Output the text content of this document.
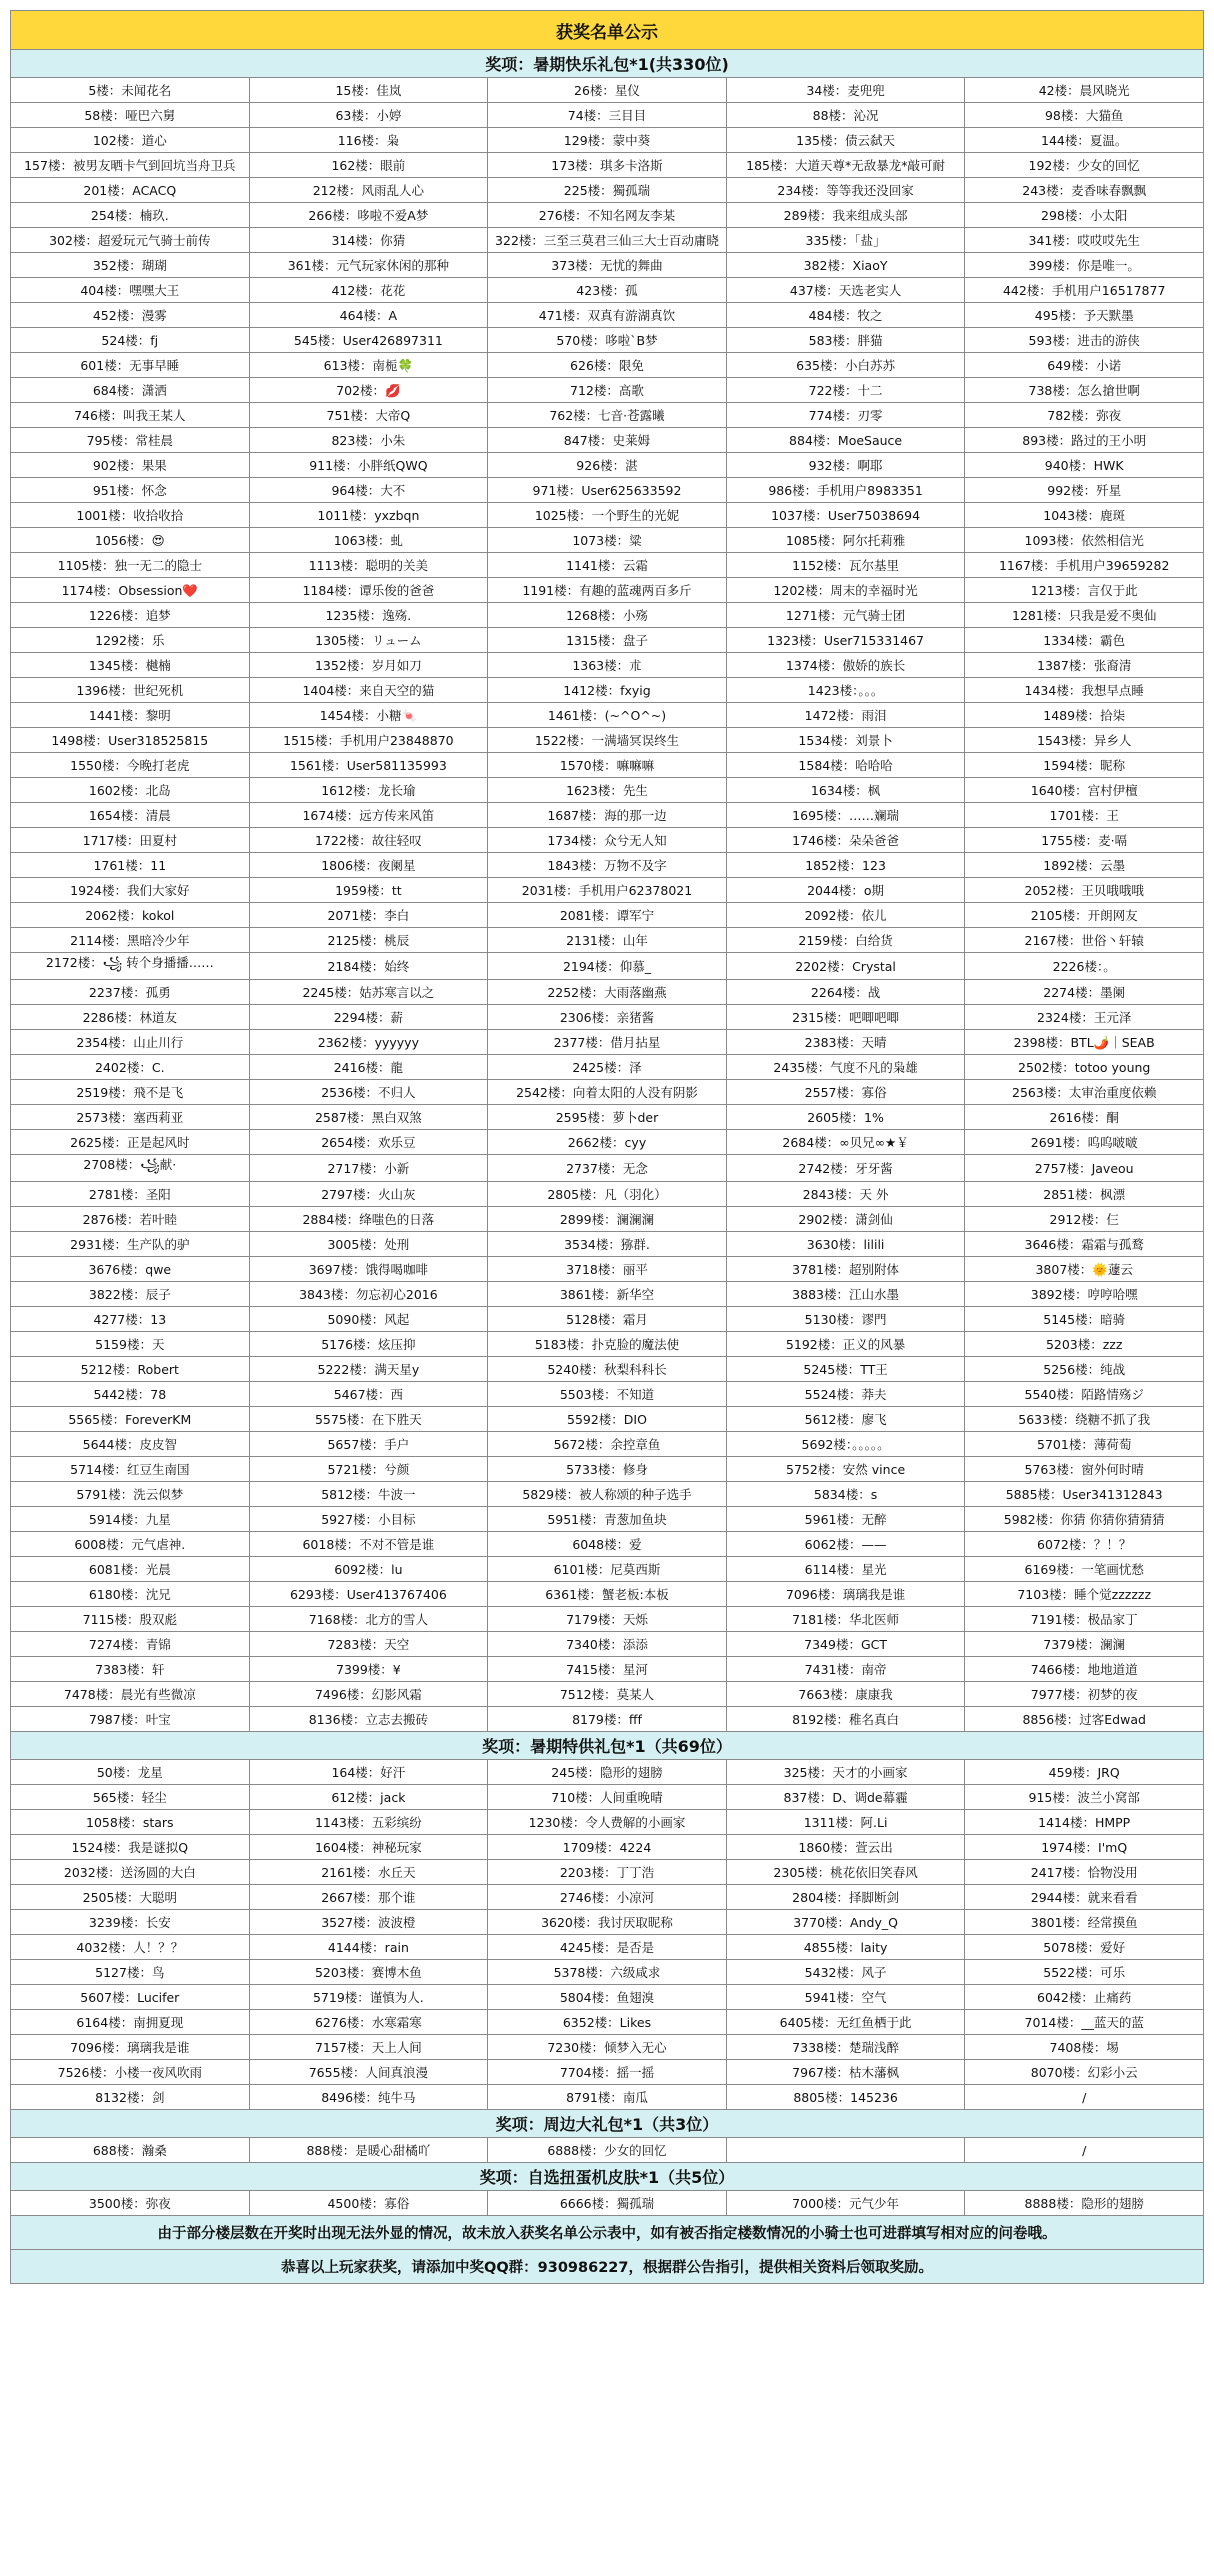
获奖名单公示				
奖项：暑期快乐礼包*1(共330位)				
5楼：未闻花名	15楼：佳岚	26楼：星仪	34楼：麦兜兜	42楼：晨风晓光
58楼：哑巴六舅	63楼：小婷	74楼：三目目	88楼：沁况	98楼：大猫鱼
102楼：道心	116楼：枭	129楼：蒙中葵	135楼：债云弑天	144楼：夏温。
157楼：被男友晒卡气到回坑当舟卫兵	162楼：眼前	173楼：琪多卡洛斯	185楼：大道天尊*无敌暴龙*敲可耐	192楼：少女的回忆
201楼：ACACQ	212楼：风雨乱人心	225楼：獨孤瑞	234楼：等等我还没回家	243楼：麦香味春飘飘
254楼：楠玖.	266楼：哆啦不爱A梦	276楼：不知名网友李某	289楼：我来组成头部	298楼：小太阳
302楼：超爱玩元气骑士前传	314楼：你猜	322楼：三至三莫君三仙三大士百动庸晓	335楼：「盐」	341楼：哎哎哎先生
352楼：瑚瑚	361楼：元气玩家休闲的那种	373楼：无忧的舞曲	382楼：XiaoY	399楼：你是唯一。
404楼：嘿嘿大王	412楼：花花	423楼：孤	437楼：天选老实人	442楼：手机用户16517877
452楼：漫雾	464楼：A	471楼：双真有游湖真饮	484楼：牧之	495楼：予天默墨
524楼：fj	545楼：User426897311	570楼：哆啦`B梦	583楼：胖猫	593楼：进击的游侠
601楼：无事早睡	613楼：南栀🍀	626楼：限免	635楼：小白苏苏	649楼：小诺
684楼：潇洒	702楼：💋	712楼：高歌	722楼：十二	738楼：怎么搶世啊
746楼：叫我王某人	751楼：大帝Q	762楼：七音·苍露曦	774楼：刃零	782楼：弥夜
795楼：常桂晨	823楼：小朱	847楼：史莱姆	884楼：MoeSauce	893楼：路过的王小明
902楼：果果	911楼：小胖纸QWQ	926楼：湛	932楼：啊耶	940楼：HWK
951楼：怀念	964楼：大不	971楼：User625633592	986楼：手机用户8983351	992楼：歼星
1001楼：收拾收拾	1011楼：yxzbqn	1025楼：一个野生的光妮	1037楼：User75038694	1043楼：鹿斑
1056楼：😍	1063楼：虬	1073楼：粱	1085楼：阿尔托莉雅	1093楼：依然相信光
1105楼：独一无二的隐士	1113楼：聪明的关美	1141楼：云霜	1152楼：瓦尔基里	1167楼：手机用户39659282
1174楼：Obsession❤️	1184楼：谭乐俊的爸爸	1191楼：有趣的蓝魂两百多斤	1202楼：周末的幸福时光	1213楼：言仅于此
1226楼：追梦	1235楼：逸殇.	1268楼：小殇	1271楼：元气骑士团	1281楼：只我是爱不奥仙
1292楼：乐	1305楼：リューム	1315楼：盘子	1323楼：User715331467	1334楼：霸色
1345楼：樾楠	1352楼：岁月如刀	1363楼：朮	1374楼：傲娇的族长	1387楼：张裔清
1396楼：世纪死机	1404楼：来自天空的猫	1412楼：fxyig	1423楼：。。。	1434楼：我想早点睡
1441楼：黎明	1454楼：小糖🍬	1461楼：(~^O^~)	1472楼：雨泪	1489楼：拾柒
1498楼：User318525815	1515楼：手机用户23848870	1522楼：一满墙冥误终生	1534楼：刘景卜	1543楼：异乡人
1550楼：今晚打老虎	1561楼：User581135993	1570楼：嘛嘛嘛	1584楼：哈哈哈	1594楼：昵称
1602楼：北岛	1612楼：龙长瑜	1623楼：先生	1634楼：枫	1640楼：宫村伊檀
1654楼：清晨	1674楼：远方传来风笛	1687楼：海的那一边	1695楼：……斓瑞	1701楼：王
1717楼：田夏村	1722楼：故往轻叹	1734楼：众兮无人知	1746楼：朵朵爸爸	1755楼：麦·嗝
1761楼：11	1806楼：夜阑星	1843楼：万物不及字	1852楼：123	1892楼：云墨
1924楼：我们大家好	1959楼：tt	2031楼：手机用户62378021	2044楼：o期	2052楼：王贝哦哦哦
2062楼：kokol	2071楼：李白	2081楼：谭军宁	2092楼：依儿	2105楼：开朗网友
2114楼：黑暗冷少年	2125楼：桃辰	2131楼：山年	2159楼：白给货	2167楼：世俗丶轩辕
2172楼：꧁ 转个身播播……	2184楼：始终	2194楼：仰慕_	2202楼：Crystal	2226楼：。
2237楼：孤勇	2245楼：姑苏寒言以之	2252楼：大雨落幽燕	2264楼：战	2274楼：墨阑
2286楼：林道友	2294楼：薪	2306楼：亲猪酱	2315楼：吧唧吧唧	2324楼：王元泽
2354楼：山止川行	2362楼：yyyyyy	2377楼：借月拈星	2383楼：天晴	2398楼：BTL🌶️｜SEAB
2402楼：C.	2416楼：龍	2425楼：泽	2435楼：气度不凡的枭雄	2502楼：totoo young
2519楼：飛不是飞	2536楼：不归人	2542楼：向着太阳的人没有阴影	2557楼：寡俗	2563楼：太审治重度依赖
2573楼：塞西莉亚	2587楼：黑白双煞	2595楼：萝卜der	2605楼：1%	2616楼：酮
2625楼：正是起风时	2654楼：欢乐豆	2662楼：cyy	2684楼：∞贝兄∞★￥	2691楼：呜呜啵啵
2708楼：꧁献·	2717楼：小新	2737楼：无念	2742楼：牙牙酱	2757楼：Javeou
2781楼：圣阳	2797楼：火山灰	2805楼：凡（羽化）	2843楼：天 外	2851楼：枫漂
2876楼：若叶睦	2884楼：绛嗤色的日落	2899楼：澜澜澜	2902楼：潇剑仙	2912楼：仨
2931楼：生产队的驴	3005楼：处刑	3534楼：猕群.	3630楼：lilili	3646楼：霜霜与孤鹜
3676楼：qwe	3697楼：饿得喝咖啡	3718楼：丽平	3781楼：超别附体	3807楼：🌞蘧云
3822楼：辰子	3843楼：勿忘初心2016	3861楼：新华空	3883楼：江山水墨	3892楼：哼哼哈嘿
4277楼：13	5090楼：风起	5128楼：霜月	5130楼：谬門	5145楼：暗骑
5159楼：天	5176楼：炫压抑	5183楼：扑克脸的魔法使	5192楼：正义的风暴	5203楼：zzz
5212楼：Robert	5222楼：满天星y	5240楼：秋梨科科长	5245楼：TT王	5256楼：纯战
5442楼：78	5467楼：西	5503楼：不知道	5524楼：莽夫	5540楼：陌路情殇ジ
5565楼：ForeverKM	5575楼：在下胜天	5592楼：DIO	5612楼：廖飞	5633楼：绕糖不抓了我
5644楼：皮皮智	5657楼：手户	5672楼：余控章鱼	5692楼：。。。。。	5701楼：薄荷萄
5714楼：红豆生南国	5721楼：兮颜	5733楼：修身	5752楼：安然 vince	5763楼：窗外何时晴
5791楼：洗云似梦	5812楼：牛波一	5829楼：被人称颂的种子选手	5834楼：s	5885楼：User341312843
5914楼：九星	5927楼：小目标	5951楼：青葱加鱼块	5961楼：无醉	5982楼：你猜 你猜你猜猜猜
6008楼：元气虐神.	6018楼：不对不管是谁	6048楼：爱	6062楼：——	6072楼：？！？
6081楼：光晨	6092楼：lu	6101楼：尼莫西斯	6114楼：星光	6169楼：一笔画忧愁
6180楼：沈兄	6293楼：User413767406	6361楼：蟹老板:本板	7096楼：璃璃我是谁	7103楼：睡个觉zzzzzz
7115楼：殷双彪	7168楼：北方的雪人	7179楼：天烁	7181楼：华北医师	7191楼：极品家丁
7274楼：青锦	7283楼：天空	7340楼：添添	7349楼：GCT	7379楼：澜澜
7383楼：轩	7399楼：¥	7415楼：星河	7431楼：南帝	7466楼：地地道道
7478楼：晨光有些微凉	7496楼：幻影风霜	7512楼：莫某人	7663楼：康康我	7977楼：初梦的夜
7987楼：叶宝	8136楼：立志去搬砖	8179楼：fff	8192楼：稚名真白	8856楼：过客Edwad
奖项：暑期特供礼包*1（共69位）				
50楼：龙星	164楼：好汗	245楼：隐形的翅膀	325楼：天才的小画家	459楼：JRQ
565楼：轻尘	612楼：jack	710楼：人间重晚晴	837楼：D、调de幕霾	915楼：波兰小窝部
1058楼：stars	1143楼：五彩缤纷	1230楼：令人费解的小画家	1311楼：阿.Li	1414楼：HMPP
1524楼：我是谜拟Q	1604楼：神秘玩家	1709楼：4224	1860楼：萱云出	1974楼：I'mQ
2032楼：送汤圆的大白	2161楼：水丘天	2203楼：丁丁浩	2305楼：桃花依旧笑春风	2417楼：恰物没用
2505楼：大聪明	2667楼：那个谁	2746楼：小凉河	2804楼：择脚断剑	2944楼：就来看看
3239楼：长安	3527楼：波波橙	3620楼：我讨厌取昵称	3770楼：Andy_Q	3801楼：经常摸鱼
4032楼：人！？？	4144楼：rain	4245楼：是否是	4855楼：laity	5078楼：爱好
5127楼：鸟	5203楼：赛博木鱼	5378楼：六级咸求	5432楼：风子	5522楼：可乐
5607楼：Lucifer	5719楼：谨慎为人.	5804楼：鱼翅溴	5941楼：空气	6042楼：止痛药
6164楼：南拥夏现	6276楼：水寒霜寒	6352楼：Likes	6405楼：无红鱼栖于此	7014楼：__蓝天的蓝
7096楼：璃璃我是谁	7157楼：天上人间	7230楼：倾梦入无心	7338楼：楚瑞浅醉	7408楼：埸
7526楼：小楼一夜风吹雨	7655楼：人间真浪漫	7704楼：摇一摇	7967楼：枯木藩枫	8070楼：幻彩小云
8132楼：剑	8496楼：纯牛马	8791楼：南瓜	8805楼：145236	/
奖项：周边大礼包*1（共3位）				
688楼：瀚桑	888楼：是暖心甜橘吖	6888楼：少女的回忆		/
奖项：自选扭蛋机皮肤*1（共5位）				
3500楼：弥夜	4500楼：寡俗	6666楼：獨孤瑞	7000楼：元气少年	8888楼：隐形的翅膀
由于部分楼层数在开奖时出现无法外显的情况，故未放入获奖名单公示表中，如有被否指定楼数情况的小骑士也可进群填写相对应的问卷哦。				
恭喜以上玩家获奖，请添加中奖QQ群：930986227，根据群公告指引，提供相关资料后领取奖励。				
